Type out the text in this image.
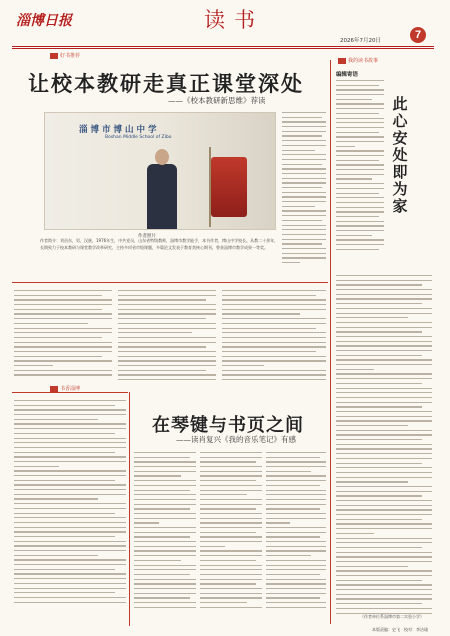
淄博日报	读书
2026年7月20日	7
好书推荐
我的读书故事
让校本教研走真正课堂深处
——《校本教研新思维》荐读
淄博市博山中学
Boshan Middle School of Zibo
作者照片
作者简介：刘昌东，男，汉族，1976年生，中共党员，山东省特级教师，淄博市教学能手，本书作者，博山中学校长。从教二十余年，长期致力于校本教研与课堂教学改革研究，主持多项省市级课题，多篇论文发表于教育类核心期刊，曾获淄博市教学成果一等奖。
书香淄博
在琴键与书页之间
——读肖复兴《我的音乐笔记》有感
编辑寄语
此心安处即为家
（作者单位系淄博市第二实验小学）
本版责编：史飞　校对：李洁瑜
